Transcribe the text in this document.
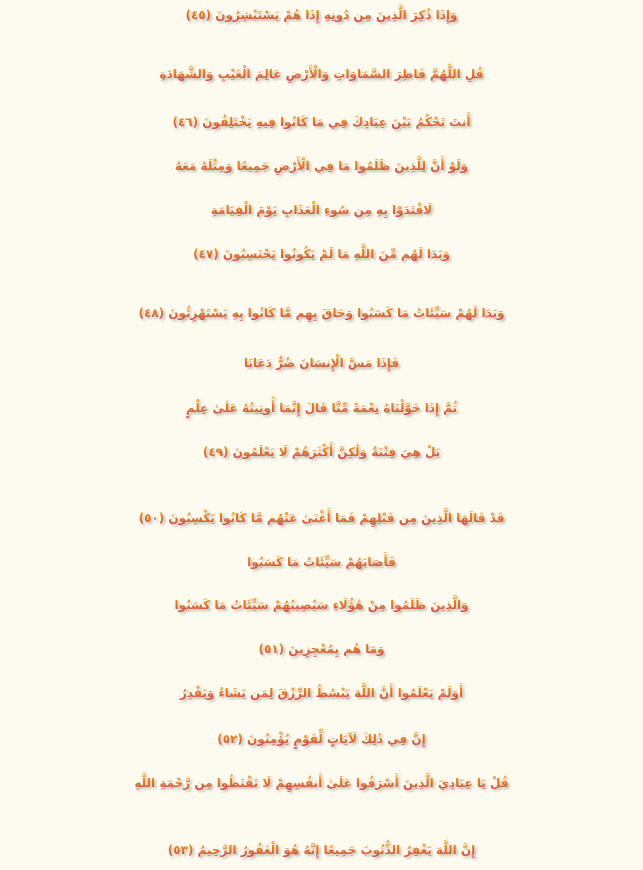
وَإِذَا ذُكِرَ الَّذِينَ مِن دُونِهِ إِذَا هُمْ يَسْتَبْشِرُونَ (٤٥)
قُلِ اللَّهُمَّ فَاطِرَ السَّمَاوَاتِ وَالْأَرْضِ عَالِمَ الْغَيْبِ وَالشَّهَادَةِ
أَنتَ تَحْكُمُ بَيْنَ عِبَادِكَ فِي مَا كَانُوا فِيهِ يَخْتَلِفُونَ (٤٦)
وَلَوْ أَنَّ لِلَّذِينَ ظَلَمُوا مَا فِي الْأَرْضِ جَمِيعًا وَمِثْلَهُ مَعَهُ
لَافْتَدَوْا بِهِ مِن سُوءِ الْعَذَابِ يَوْمَ الْقِيَامَةِ
وَبَدَا لَهُم مِّنَ اللَّهِ مَا لَمْ يَكُونُوا يَحْتَسِبُونَ (٤٧)
وَبَدَا لَهُمْ سَيِّئَاتُ مَا كَسَبُوا وَحَاقَ بِهِم مَّا كَانُوا بِهِ يَسْتَهْزِئُونَ (٤٨)
فَإِذَا مَسَّ الْإِنسَانَ ضُرٌّ دَعَانَا
ثُمَّ إِذَا خَوَّلْنَاهُ نِعْمَةً مِّنَّا قَالَ إِنَّمَا أُوتِيتُهُ عَلَىٰ عِلْمٍ
بَلْ هِيَ فِتْنَةٌ وَلَٰكِنَّ أَكْثَرَهُمْ لَا يَعْلَمُونَ (٤٩)
قَدْ قَالَهَا الَّذِينَ مِن قَبْلِهِمْ فَمَا أَغْنَىٰ عَنْهُم مَّا كَانُوا يَكْسِبُونَ (٥٠)
فَأَصَابَهُمْ سَيِّئَاتُ مَا كَسَبُوا
وَالَّذِينَ ظَلَمُوا مِنْ هَٰؤُلَاءِ سَيُصِيبُهُمْ سَيِّئَاتُ مَا كَسَبُوا
وَمَا هُم بِمُعْجِزِينَ (٥١)
أَوَلَمْ يَعْلَمُوا أَنَّ اللَّهَ يَبْسُطُ الرِّزْقَ لِمَن يَشَاءُ وَيَقْدِرُ
إِنَّ فِي ذَٰلِكَ لَآيَاتٍ لِّقَوْمٍ يُؤْمِنُونَ (٥٢)
قُلْ يَا عِبَادِيَ الَّذِينَ أَسْرَفُوا عَلَىٰ أَنفُسِهِمْ لَا تَقْنَطُوا مِن رَّحْمَةِ اللَّهِ
إِنَّ اللَّهَ يَغْفِرُ الذُّنُوبَ جَمِيعًا إِنَّهُ هُوَ الْغَفُورُ الرَّحِيمُ (٥٣)
